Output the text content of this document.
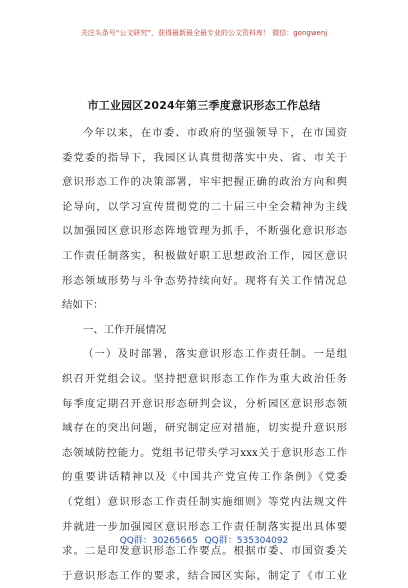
关注头条号“公文研究”，获得最新最全最专业的公文资料库！ 微信：gongwenj
市工业园区2024年第三季度意识形态工作总结
今年以来，在市委、市政府的坚强领导下，在市国资
委党委的指导下，我园区认真贯彻落实中央、省、市关于
意识形态工作的决策部署，牢牢把握正确的政治方向和舆
论导向，以学习宣传贯彻党的二十届三中全会精神为主线
以加强园区意识形态阵地管理为抓手，不断强化意识形态
工作责任制落实，积极做好职工思想政治工作，园区意识
形态领域形势与斗争态势持续向好。现将有关工作情况总
结如下：
一、工作开展情况
（一）及时部署，落实意识形态工作责任制。一是组
织召开党组会议。坚持把意识形态工作作为重大政治任务
每季度定期召开意识形态研判会议，分析园区意识形态领
域存在的突出问题，研究制定应对措施，切实提升意识形
态领域防控能力。党组书记带头学习xxx关于意识形态工作
的重要讲话精神以及《中国共产党宣传工作条例》《党委
（党组）意识形态工作责任制实施细则》等党内法规文件
并就进一步加强园区意识形态工作责任制落实提出具体要
求。二是印发意识形态工作要点。根据市委、市国资委关
于意识形态工作的要求，结合园区实际，制定了《市工业
QQ群：30265665 QQ群：535304092
